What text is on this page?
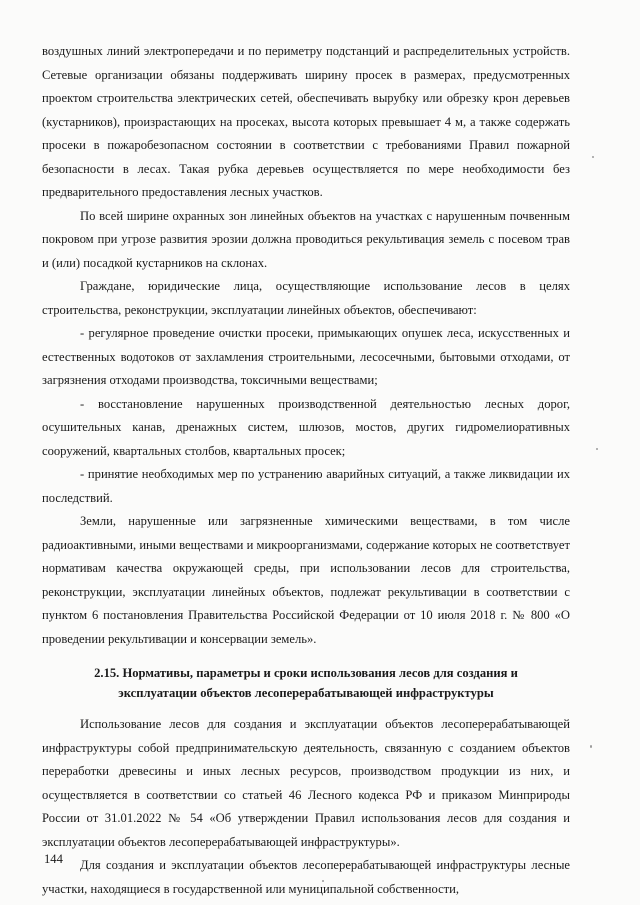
воздушных линий электропередачи и по периметру подстанций и распределительных устройств. Сетевые организации обязаны поддерживать ширину просек в размерах, предусмотренных проектом строительства электрических сетей, обеспечивать вырубку или обрезку крон деревьев (кустарников), произрастающих на просеках, высота которых превышает 4 м, а также содержать просеки в пожаробезопасном состоянии в соответствии с требованиями Правил пожарной безопасности в лесах. Такая рубка деревьев осуществляется по мере необходимости без предварительного предоставления лесных участков.

По всей ширине охранных зон линейных объектов на участках с нарушенным почвенным покровом при угрозе развития эрозии должна проводиться рекультивация земель с посевом трав и (или) посадкой кустарников на склонах.

Граждане, юридические лица, осуществляющие использование лесов в целях строительства, реконструкции, эксплуатации линейных объектов, обеспечивают:

- регулярное проведение очистки просеки, примыкающих опушек леса, искусственных и естественных водотоков от захламления строительными, лесосечными, бытовыми отходами, от загрязнения отходами производства, токсичными веществами;

- восстановление нарушенных производственной деятельностью лесных дорог, осушительных канав, дренажных систем, шлюзов, мостов, других гидромелиоративных сооружений, квартальных столбов, квартальных просек;

- принятие необходимых мер по устранению аварийных ситуаций, а также ликвидации их последствий.

Земли, нарушенные или загрязненные химическими веществами, в том числе радиоактивными, иными веществами и микроорганизмами, содержание которых не соответствует нормативам качества окружающей среды, при использовании лесов для строительства, реконструкции, эксплуатации линейных объектов, подлежат рекультивации в соответствии с пунктом 6 постановления Правительства Российской Федерации от 10 июля 2018 г. № 800 «О проведении рекультивации и консервации земель».

2.15. Нормативы, параметры и сроки использования лесов для создания и
эксплуатации объектов лесоперерабатывающей инфраструктуры

Использование лесов для создания и эксплуатации объектов лесоперерабатывающей инфраструктуры собой предпринимательскую деятельность, связанную с созданием объектов переработки древесины и иных лесных ресурсов, производством продукции из них, и осуществляется в соответствии со статьей 46 Лесного кодекса РФ и приказом Минприроды России от 31.01.2022 № 54 «Об утверждении Правил использования лесов для создания и эксплуатации объектов лесоперерабатывающей инфраструктуры».

Для создания и эксплуатации объектов лесоперерабатывающей инфраструктуры лесные участки, находящиеся в государственной или муниципальной собственности,

144
